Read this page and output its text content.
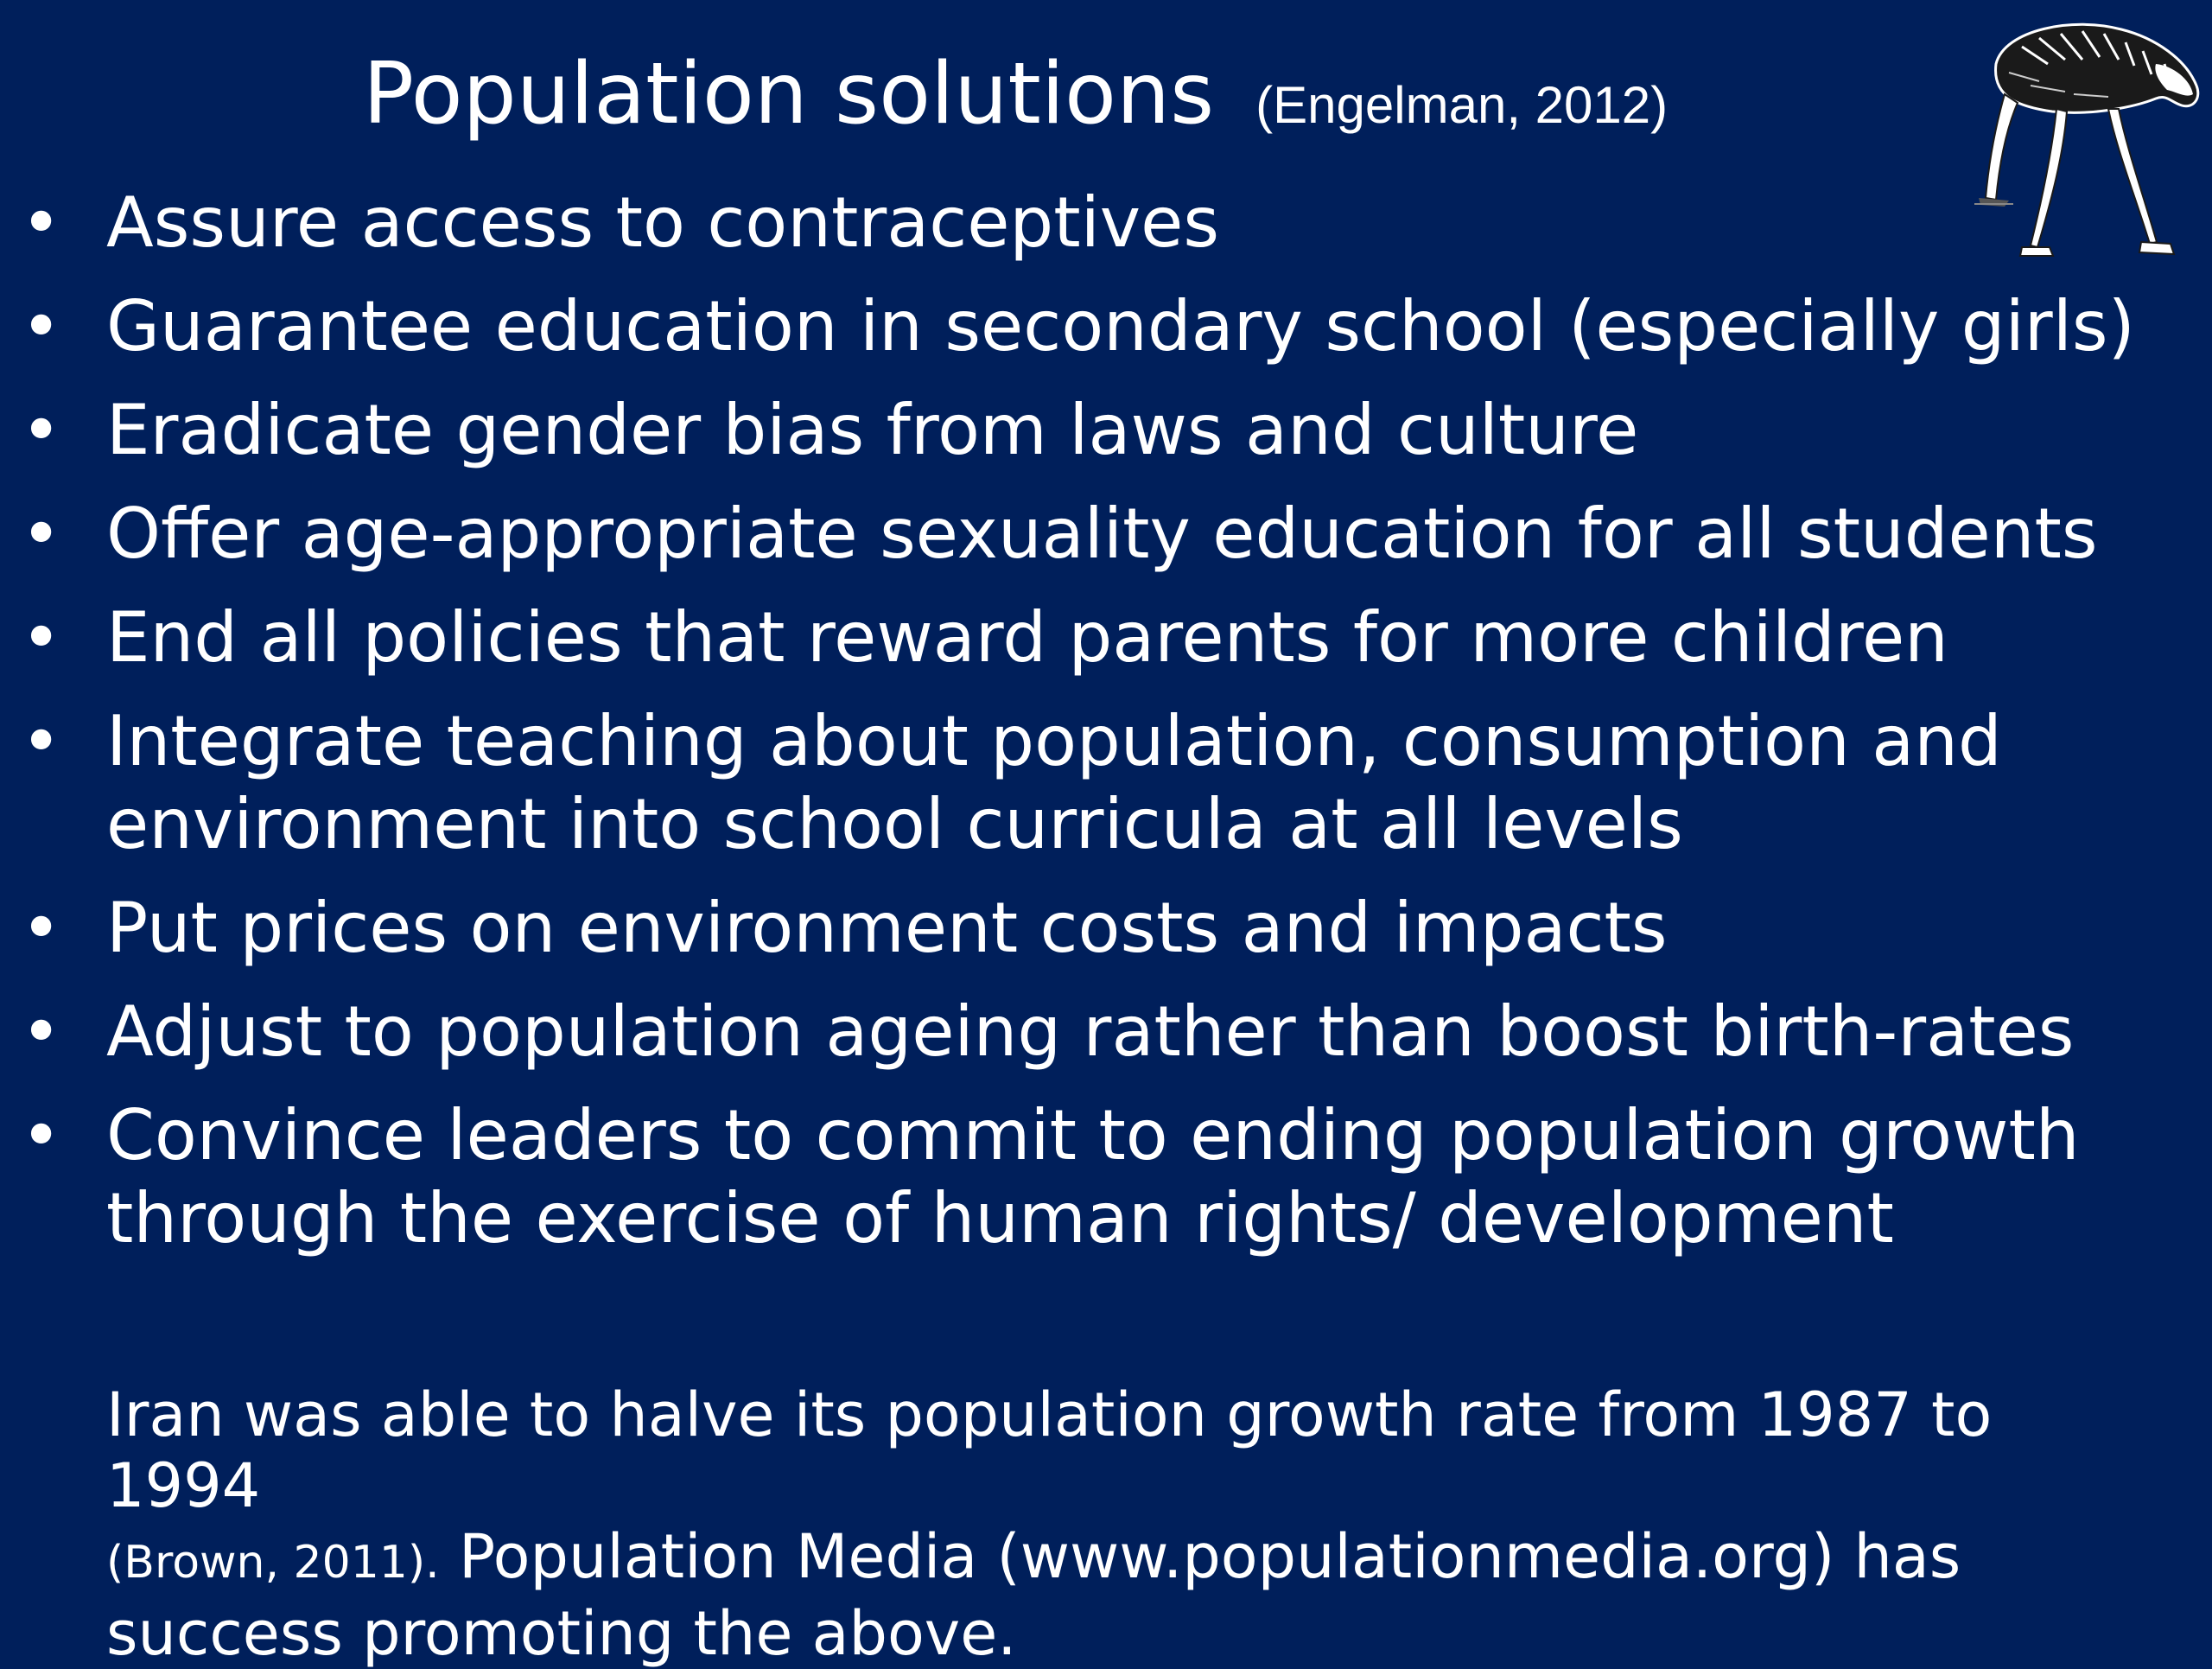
Population solutions (Engelman, 2012)
• Assure access to contraceptives
• Guarantee education in secondary school (especially girls)
• Eradicate gender bias from laws and culture
• Offer age-appropriate sexuality education for all students
• End all policies that reward parents for more children
• Integrate teaching about population, consumption and
environment into school curricula at all levels
• Put prices on environment costs and impacts
• Adjust to population ageing rather than boost birth-rates
• Convince leaders to commit to ending population growth
through the exercise of human rights/ development
Iran was able to halve its population growth rate from 1987 to 1994
(Brown, 2011). Population Media (www.populationmedia.org) has
success promoting the above.
